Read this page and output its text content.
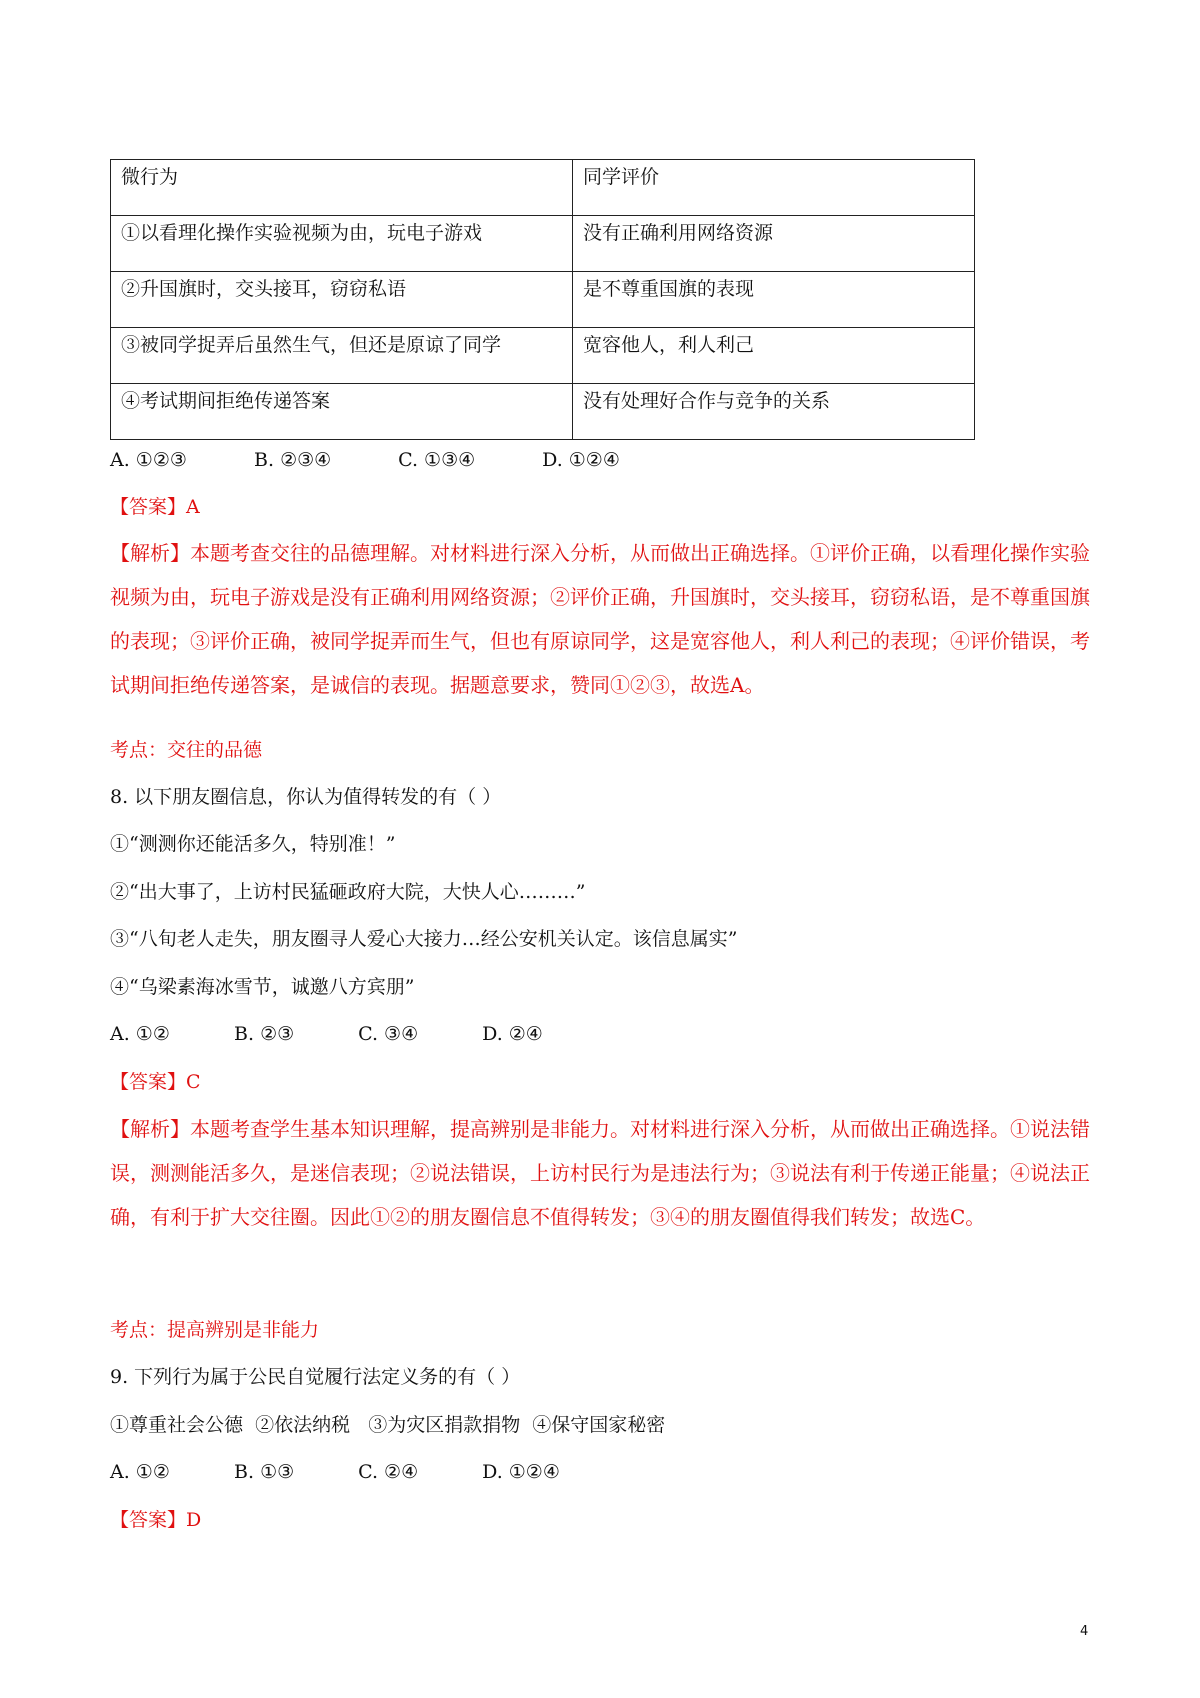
微行为	同学评价
①以看理化操作实验视频为由，玩电子游戏	没有正确利用网络资源
②升国旗时，交头接耳，窃窃私语	是不尊重国旗的表现
③被同学捉弄后虽然生气，但还是原谅了同学	宽容他人，利人利己
④考试期间拒绝传递答案	没有处理好合作与竞争的关系
A. ①②③	B. ②③④	C. ①③④	D. ①②④
【答案】A
【解析】本题考查交往的品德理解。对材料进行深入分析，从而做出正确选择。①评价正确，以看理化操作实验视频为由，玩电子游戏是没有正确利用网络资源；②评价正确，升国旗时，交头接耳，窃窃私语，是不尊重国旗的表现；③评价正确，被同学捉弄而生气，但也有原谅同学，这是宽容他人，利人利己的表现；④评价错误，考试期间拒绝传递答案，是诚信的表现。据题意要求，赞同①②③，故选A。
考点：交往的品德
8. 以下朋友圈信息，你认为值得转发的有（ ）
①“测测你还能活多久，特别准！”
②“出大事了，上访村民猛砸政府大院，大快人心………”
③“八旬老人走失，朋友圈寻人爱心大接力…经公安机关认定。该信息属实”
④“乌梁素海冰雪节，诚邀八方宾朋”
A. ①②	B. ②③	C. ③④	D. ②④
【答案】C
【解析】本题考查学生基本知识理解，提高辨别是非能力。对材料进行深入分析，从而做出正确选择。①说法错误，测测能活多久，是迷信表现；②说法错误，上访村民行为是违法行为；③说法有利于传递正能量；④说法正确，有利于扩大交往圈。因此①②的朋友圈信息不值得转发；③④的朋友圈值得我们转发；故选C。
考点：提高辨别是非能力
9. 下列行为属于公民自觉履行法定义务的有（ ）
①尊重社会公德  ②依法纳税   ③为灾区捐款捐物  ④保守国家秘密
A. ①②	B. ①③	C. ②④	D. ①②④
【答案】D
4
